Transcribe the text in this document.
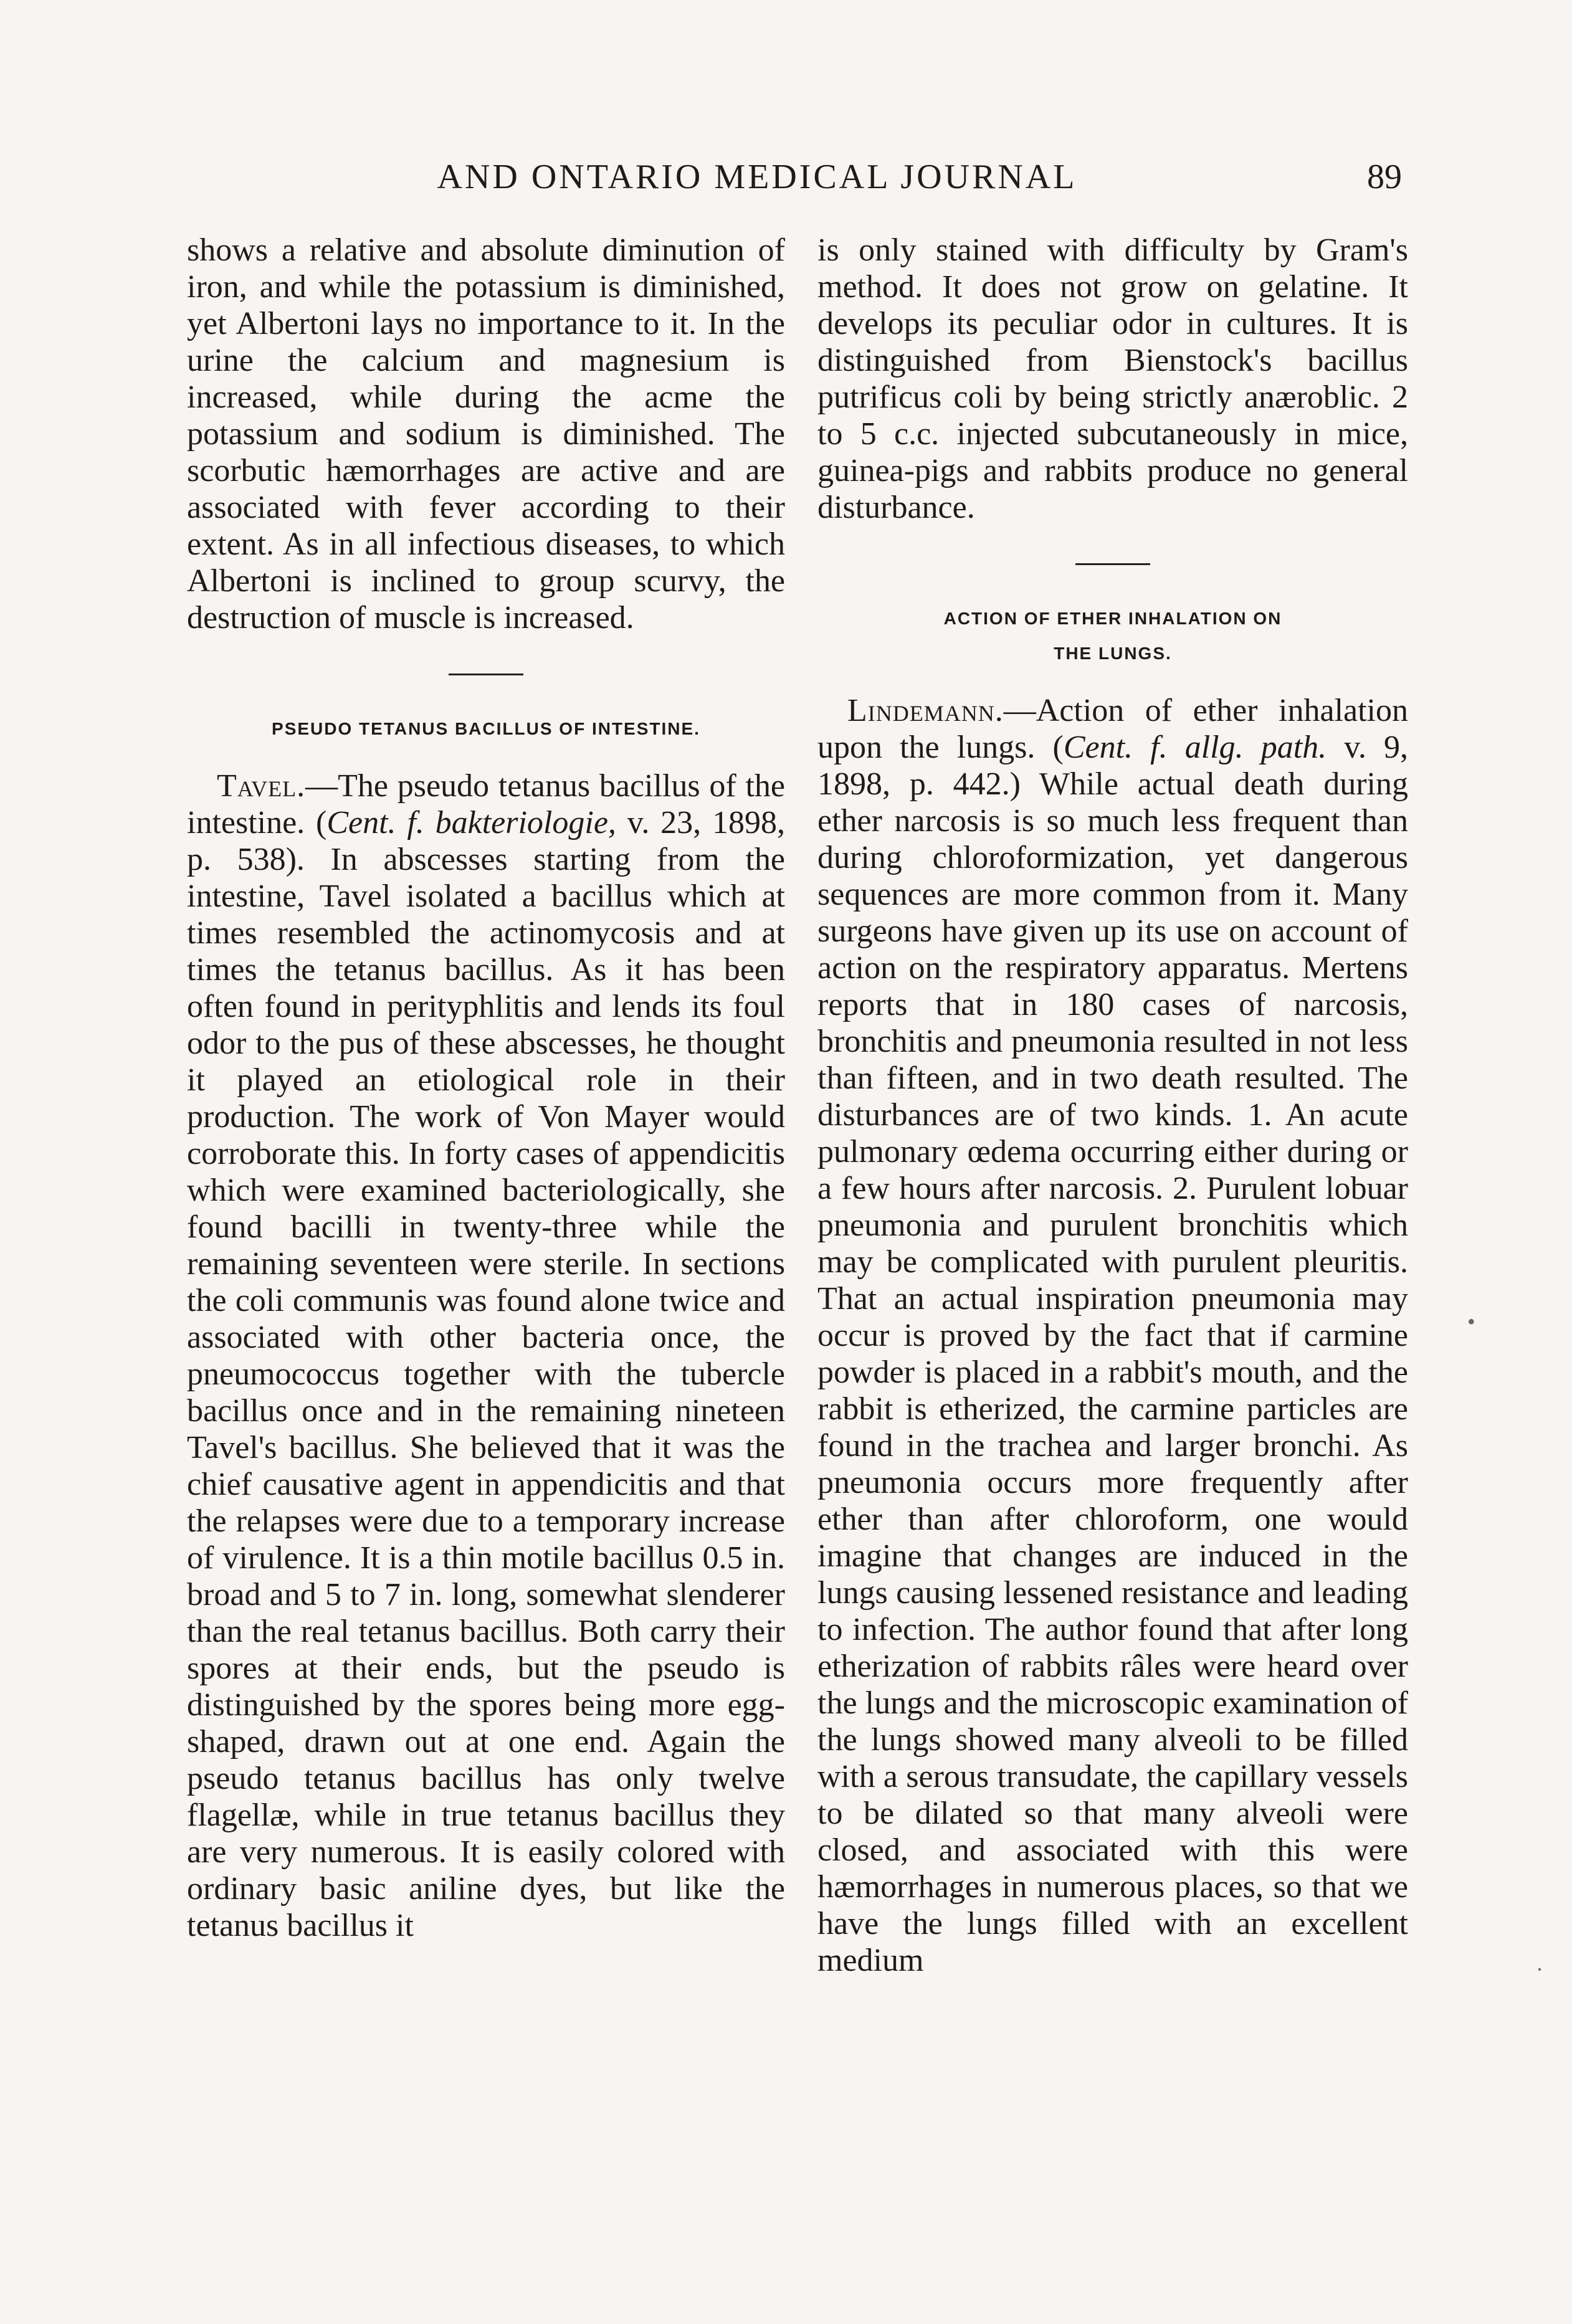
AND ONTARIO MEDICAL JOURNAL	89

shows a relative and absolute diminution of iron, and while the potassium is diminished, yet Albertoni lays no importance to it. In the urine the calcium and magnesium is increased, while during the acme the potassium and sodium is diminished. The scorbutic hæmorrhages are active and are associated with fever according to their extent. As in all infectious diseases, to which Albertoni is inclined to group scurvy, the destruction of muscle is increased.

PSEUDO TETANUS BACILLUS OF INTESTINE.

Tavel.—The pseudo tetanus bacillus of the intestine. (Cent. f. bakteriologie, v. 23, 1898, p. 538). In abscesses starting from the intestine, Tavel isolated a bacillus which at times resembled the actinomycosis and at times the tetanus bacillus. As it has been often found in perityphlitis and lends its foul odor to the pus of these abscesses, he thought it played an etiological role in their production. The work of Von Mayer would corroborate this. In forty cases of appendicitis which were examined bacteriologically, she found bacilli in twenty-three while the remaining seventeen were sterile. In sections the coli communis was found alone twice and associated with other bacteria once, the pneumococcus together with the tubercle bacillus once and in the remaining nineteen Tavel's bacillus. She believed that it was the chief causative agent in appendicitis and that the relapses were due to a temporary increase of virulence. It is a thin motile bacillus 0.5 in. broad and 5 to 7 in. long, somewhat slenderer than the real tetanus bacillus. Both carry their spores at their ends, but the pseudo is distinguished by the spores being more egg-shaped, drawn out at one end. Again the pseudo tetanus bacillus has only twelve flagellæ, while in true tetanus bacillus they are very numerous. It is easily colored with ordinary basic aniline dyes, but like the tetanus bacillus it

is only stained with difficulty by Gram's method. It does not grow on gelatine. It develops its peculiar odor in cultures. It is distinguished from Bienstock's bacillus putrificus coli by being strictly anæroblic. 2 to 5 c.c. injected subcutaneously in mice, guinea-pigs and rabbits produce no general disturbance.

ACTION OF ETHER INHALATION ON
THE LUNGS.

Lindemann.—Action of ether inhalation upon the lungs. (Cent. f. allg. path. v. 9, 1898, p. 442.) While actual death during ether narcosis is so much less frequent than during chloroformization, yet dangerous sequences are more common from it. Many surgeons have given up its use on account of action on the respiratory apparatus. Mertens reports that in 180 cases of narcosis, bronchitis and pneumonia resulted in not less than fifteen, and in two death resulted. The disturbances are of two kinds. 1. An acute pulmonary œdema occurring either during or a few hours after narcosis. 2. Purulent lobuar pneumonia and purulent bronchitis which may be complicated with purulent pleuritis. That an actual inspiration pneumonia may occur is proved by the fact that if carmine powder is placed in a rabbit's mouth, and the rabbit is etherized, the carmine particles are found in the trachea and larger bronchi. As pneumonia occurs more frequently after ether than after chloroform, one would imagine that changes are induced in the lungs causing lessened resistance and leading to infection. The author found that after long etherization of rabbits râles were heard over the lungs and the microscopic examination of the lungs showed many alveoli to be filled with a serous transudate, the capillary vessels to be dilated so that many alveoli were closed, and associated with this were hæmorrhages in numerous places, so that we have the lungs filled with an excellent medium

•
·
